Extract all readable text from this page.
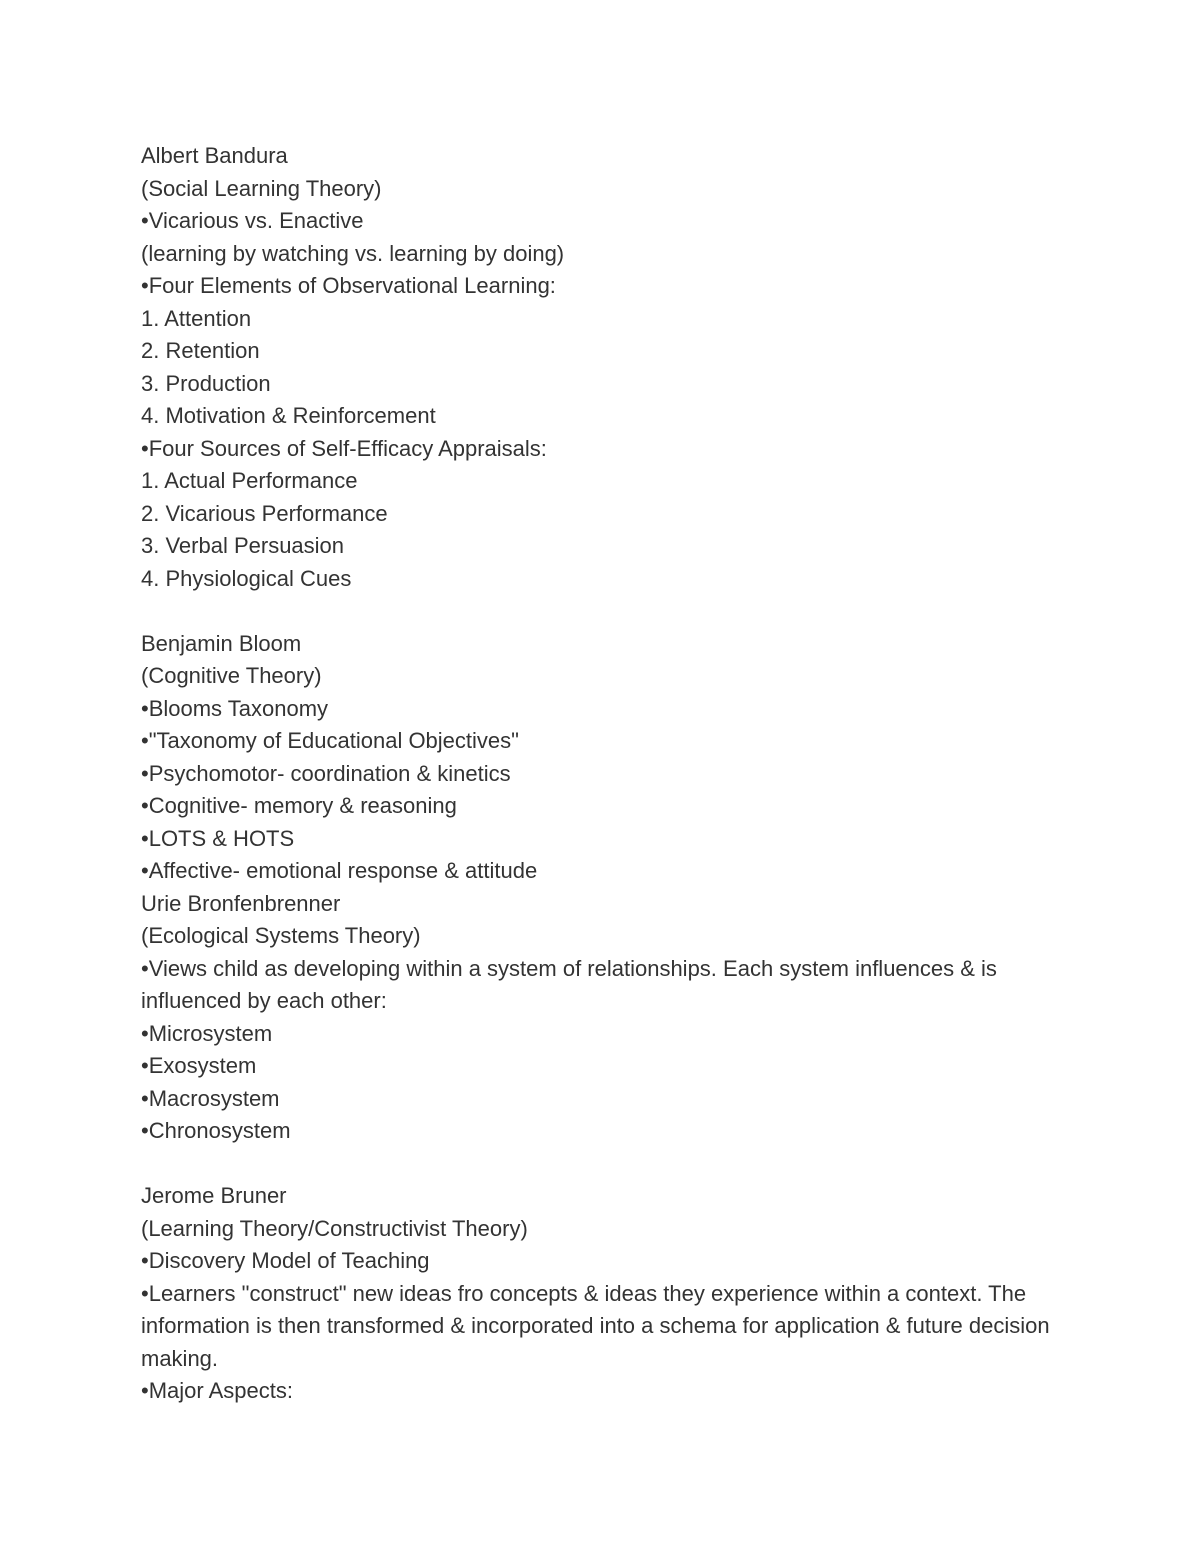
Albert Bandura
(Social Learning Theory)
•Vicarious vs. Enactive
(learning by watching vs. learning by doing)
•Four Elements of Observational Learning:
1. Attention
2. Retention
3. Production
4. Motivation & Reinforcement
•Four Sources of Self-Efficacy Appraisals:
1. Actual Performance
2. Vicarious Performance
3. Verbal Persuasion
4. Physiological Cues
Benjamin Bloom
(Cognitive Theory)
•Blooms Taxonomy
•"Taxonomy of Educational Objectives"
•Psychomotor- coordination & kinetics
•Cognitive- memory & reasoning
•LOTS & HOTS
•Affective- emotional response & attitude
Urie Bronfenbrenner
(Ecological Systems Theory)
•Views child as developing within a system of relationships. Each system influences & is influenced by each other:
•Microsystem
•Exosystem
•Macrosystem
•Chronosystem
Jerome Bruner
(Learning Theory/Constructivist Theory)
•Discovery Model of Teaching
•Learners "construct" new ideas fro concepts & ideas they experience within a context. The information is then transformed & incorporated into a schema for application & future decision making.
•Major Aspects:
